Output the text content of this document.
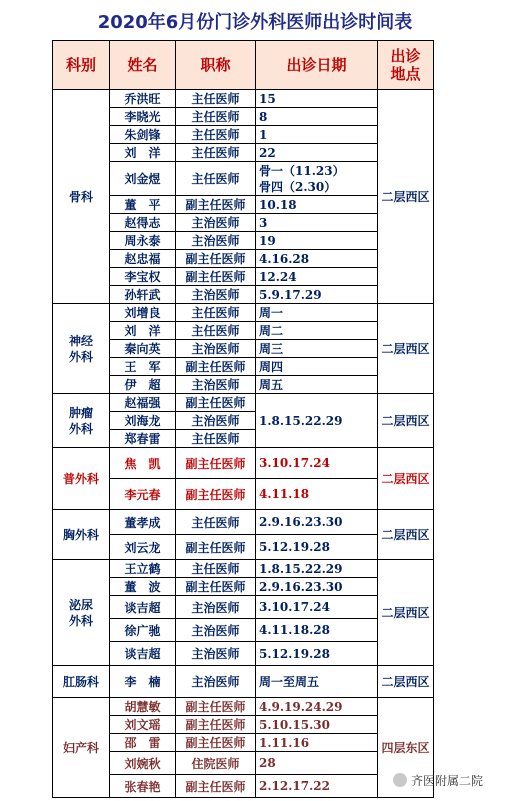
2020年6月份门诊外科医师出诊时间表
科别	姓名	职称	出诊日期	出诊
地点
骨科	乔洪旺	主任医师	15	二层西区
	李晓光	主任医师	8	
	朱剑锋	主任医师	1	
	刘　洋	主任医师	22	
	刘金煜	主任医师	骨一（11.23）
骨四（2.30）	
	董　平	副主任医师	10.18	
	赵得志	主治医师	3	
	周永泰	主治医师	19	
	赵忠福	副主任医师	4.16.28	
	李宝权	副主任医师	12.24	
	孙轩武	主治医师	5.9.17.29	
神经
外科	刘增良	主任医师	周一	二层西区
	刘　洋	主任医师	周二	
	秦向英	主治医师	周三	
	王　军	副主任医师	周四	
	伊　超	主治医师	周五	
肿瘤
外科	赵福强	副主任医师	1.8.15.22.29	二层西区
	刘海龙	主治医师		
	郑春雷	主任医师		
普外科	焦　凯	副主任医师	3.10.17.24	二层西区
	李元春	副主任医师	4.11.18	
胸外科	董孝成	主任医师	2.9.16.23.30	二层西区
	刘云龙	副主任医师	5.12.19.28	
泌尿
外科	王立鹤	主任医师	1.8.15.22.29	二层西区
	董　波	副主任医师	2.9.16.23.30	
	谈吉超	主治医师	3.10.17.24	
	徐广驰	主治医师	4.11.18.28	
	谈吉超	主治医师	5.12.19.28	
肛肠科	李　楠	主治医师	周一至周五	二层西区
妇产科	胡慧敏	副主任医师	4.9.19.24.29	四层东区
	刘文瑶	副主任医师	5.10.15.30	
	邵　雷	副主任医师	1.11.16	
	刘婉秋	住院医师	28	
	张春艳	副主任医师	2.12.17.22		齐医附属二院
